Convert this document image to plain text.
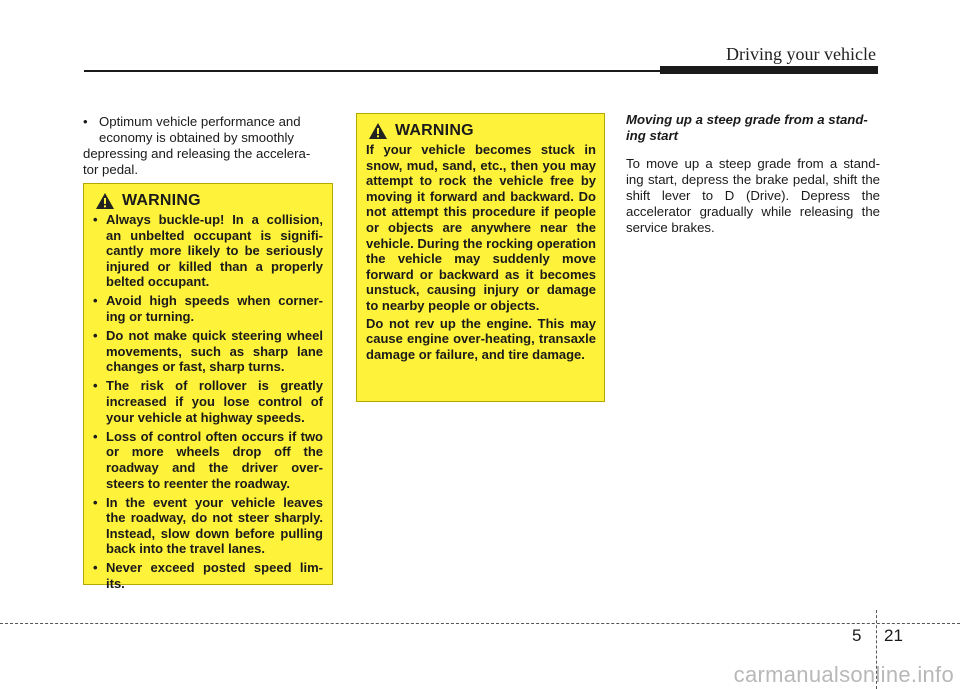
Driving your vehicle
• Optimum vehicle performance and
economy is obtained by smoothly
depressing and releasing the accelera-
tor pedal.
WARNING
• Always buckle-up! In a collision, an unbelted occupant is signifi- cantly more likely to be seriously injured or killed than a properly belted occupant.
• Avoid high speeds when corner- ing or turning.
• Do not make quick steering wheel movements, such as sharp lane changes or fast, sharp turns.
• The risk of rollover is greatly increased if you lose control of your vehicle at highway speeds.
• Loss of control often occurs if two or more wheels drop off the roadway and the driver over- steers to reenter the roadway.
• In the event your vehicle leaves the roadway, do not steer sharply. Instead, slow down before pulling back into the travel lanes.
• Never exceed posted speed lim- its.
WARNING

If your vehicle becomes stuck in snow, mud, sand, etc., then you may attempt to rock the vehicle free by moving it forward and backward. Do not attempt this procedure if people or objects are anywhere near the vehicle. During the rocking operation the vehicle may suddenly move forward or backward as it becomes unstuck, causing injury or damage to nearby people or objects.

Do not rev up the engine. This may cause engine over-heating, transaxle damage or failure, and tire damage.

Moving up a steep grade from a stand- ing start
To move up a steep grade from a stand- ing start, depress the brake pedal, shift the shift lever to D (Drive). Depress the accelerator gradually while releasing the service brakes.
5 21
carmanualsonline.info
